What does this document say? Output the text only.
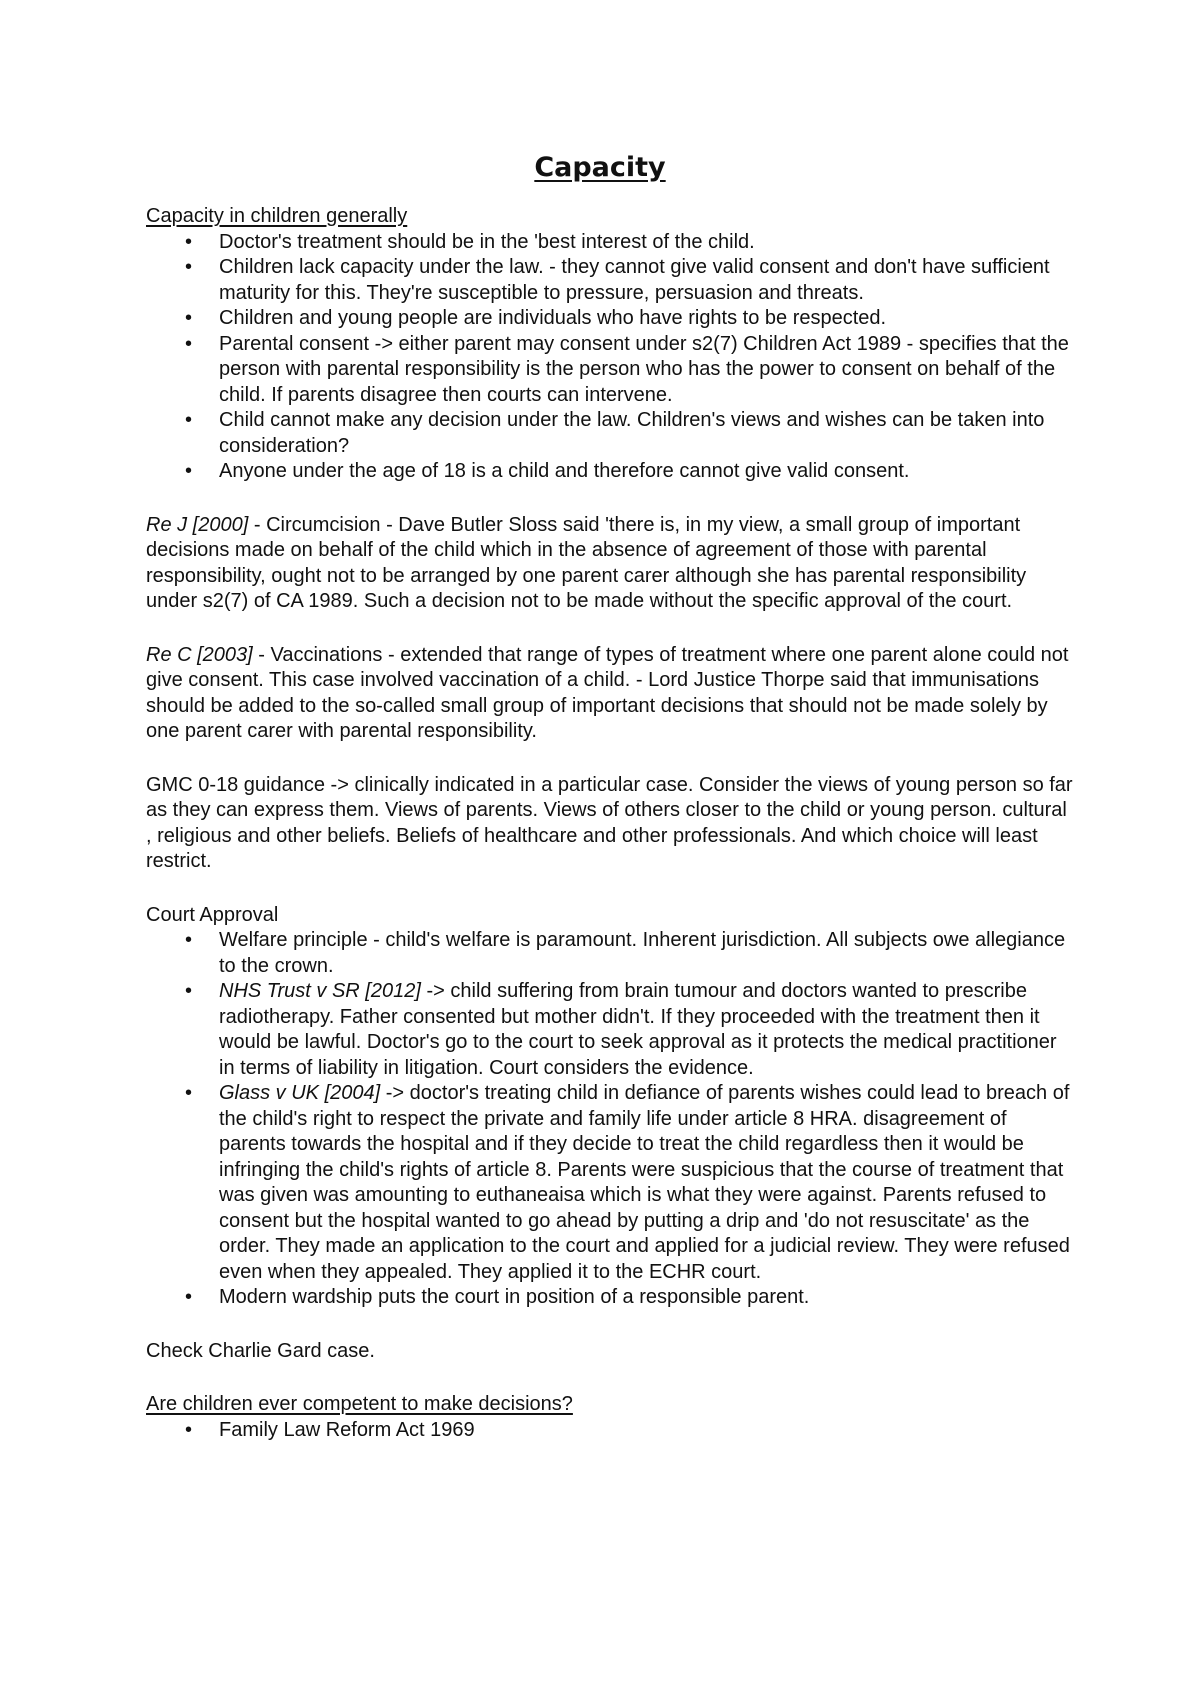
Capacity

Capacity in children generally

• Doctor's treatment should be in the 'best interest of the child.
• Children lack capacity under the law. - they cannot give valid consent and don't have sufficient maturity for this. They're susceptible to pressure, persuasion and threats.
• Children and young people are individuals who have rights to be respected.
• Parental consent -> either parent may consent under s2(7) Children Act 1989 - specifies that the person with parental responsibility is the person who has the power to consent on behalf of the child. If parents disagree then courts can intervene.
• Child cannot make any decision under the law. Children's views and wishes can be taken into consideration?
• Anyone under the age of 18 is a child and therefore cannot give valid consent.

Re J [2000] - Circumcision - Dave Butler Sloss said 'there is, in my view, a small group of important decisions made on behalf of the child which in the absence of agreement of those with parental responsibility, ought not to be arranged by one parent carer although she has parental responsibility under s2(7) of CA 1989. Such a decision not to be made without the specific approval of the court.

Re C [2003] - Vaccinations - extended that range of types of treatment where one parent alone could not give consent. This case involved vaccination of a child. - Lord Justice Thorpe said that immunisations should be added to the so-called small group of important decisions that should not be made solely by one parent carer with parental responsibility.

GMC 0-18 guidance -> clinically indicated in a particular case. Consider the views of young person so far as they can express them. Views of parents. Views of others closer to the child or young person. cultural , religious and other beliefs. Beliefs of healthcare and other professionals. And which choice will least restrict.

Court Approval

• Welfare principle - child's welfare is paramount. Inherent jurisdiction. All subjects owe allegiance to the crown.
• NHS Trust v SR [2012] -> child suffering from brain tumour and doctors wanted to prescribe radiotherapy. Father consented but mother didn't. If they proceeded with the treatment then it would be lawful. Doctor's go to the court to seek approval as it protects the medical practitioner in terms of liability in litigation. Court considers the evidence.
• Glass v UK [2004] -> doctor's treating child in defiance of parents wishes could lead to breach of the child's right to respect the private and family life under article 8 HRA. disagreement of parents towards the hospital and if they decide to treat the child regardless then it would be infringing the child's rights of article 8. Parents were suspicious that the course of treatment that was given was amounting to euthaneaisa which is what they were against. Parents refused to consent but the hospital wanted to go ahead by putting a drip and 'do not resuscitate' as the order. They made an application to the court and applied for a judicial review. They were refused even when they appealed. They applied it to the ECHR court.
• Modern wardship puts the court in position of a responsible parent.

Check Charlie Gard case.

Are children ever competent to make decisions?

• Family Law Reform Act 1969
